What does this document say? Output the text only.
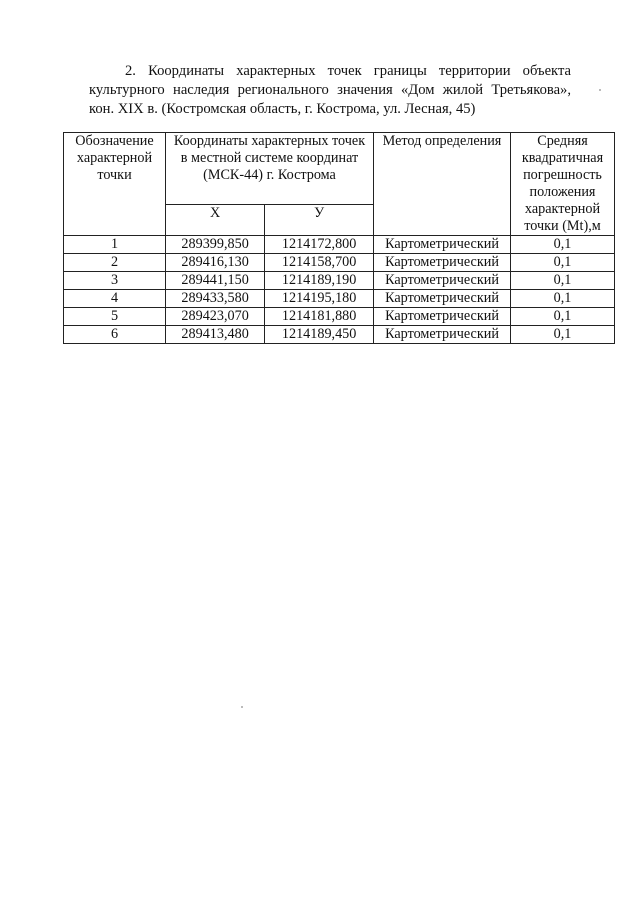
2. Координаты характерных точек границы территории объекта
культурного наследия регионального значения «Дом жилой Третьякова»,
кон. XIX в. (Костромская область, г. Кострома, ул. Лесная, 45)
Обозначение характерной точки	Координаты характерных точек в местной системе координат (МСК-44) г. Кострома		Метод определения	Средняя квадратичная погрешность положения характерной точки (Mt),м
	Х	У		
1	289399,850	1214172,800	Картометрический	0,1
2	289416,130	1214158,700	Картометрический	0,1
3	289441,150	1214189,190	Картометрический	0,1
4	289433,580	1214195,180	Картометрический	0,1
5	289423,070	1214181,880	Картометрический	0,1
6	289413,480	1214189,450	Картометрический	0,1
